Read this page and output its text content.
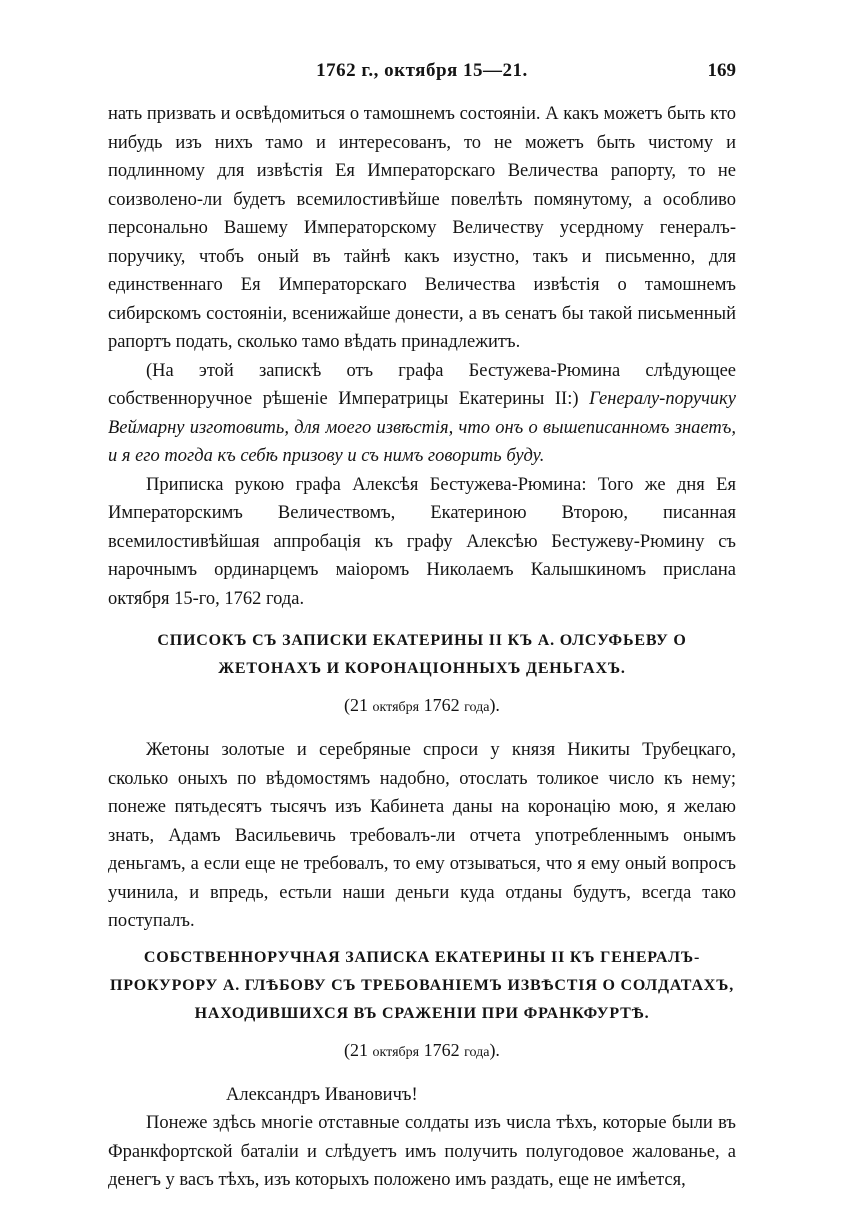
1762 г., октября 15—21.	169

нать призвать и освѣдомиться о тамошнемъ состояніи. А какъ можетъ быть кто нибудь изъ нихъ тамо и интересованъ, то не можетъ быть чистому и подлинному для извѣстія Ея Императорскаго Величества рапорту, то не соизволено-ли будетъ всемилостивѣйше повелѣть помянутому, а особливо персонально Вашему Императорскому Величеству усердному генералъ-поручику, чтобъ оный въ тайнѣ какъ изустно, такъ и письменно, для единственнаго Ея Императорскаго Величества извѣстія о тамошнемъ сибирскомъ состояніи, всенижайше донести, а въ сенатъ бы такой письменный рапортъ подать, сколько тамо вѣдать принадлежитъ.

(На этой запискѣ отъ графа Бестужева-Рюмина слѣдующее собственноручное рѣшеніе Императрицы Екатерины II:) Генералу-поручику Веймарну изготовить, для моего извѣстія, что онъ о вышеписанномъ знаетъ, и я его тогда къ себѣ призову и съ нимъ говорить буду.

Приписка рукою графа Алексѣя Бестужева-Рюмина: Того же дня Ея Императорскимъ Величествомъ, Екатериною Второю, писанная всемилостивѣйшая аппробація къ графу Алексѣю Бестужеву-Рюмину съ нарочнымъ ординарцемъ маіоромъ Николаемъ Калышкиномъ прислана октября 15-го, 1762 года.

СПИСОКЪ СЪ ЗАПИСКИ ЕКАТЕРИНЫ II КЪ А. ОЛСУФЬЕВУ О ЖЕТОНАХЪ И КОРОНАЦІОННЫХЪ ДЕНЬГАХЪ.
(21 октября 1762 года).

Жетоны золотые и серебряные спроси у князя Никиты Трубецкаго, сколько оныхъ по вѣдомостямъ надобно, отослать толикое число къ нему; понеже пятьдесятъ тысячъ изъ Кабинета даны на коронацію мою, я желаю знать, Адамъ Васильевичь требовалъ-ли отчета употребленнымъ онымъ деньгамъ, а если еще не требовалъ, то ему отзываться, что я ему оный вопросъ учинила, и впредь, естьли наши деньги куда отданы будутъ, всегда тако поступалъ.

СОБСТВЕННОРУЧНАЯ ЗАПИСКА ЕКАТЕРИНЫ II КЪ ГЕНЕРАЛЪ-ПРОКУРОРУ А. ГЛѢБОВУ СЪ ТРЕБОВАНІЕМЪ ИЗВѢСТІЯ О СОЛДАТАХЪ, НАХОДИВШИХСЯ ВЪ СРАЖЕНІИ ПРИ ФРАНКФУРТѢ.
(21 октября 1762 года).
Александръ Ивановичъ!

Понеже здѣсь многіе отставные солдаты изъ числа тѣхъ, которые были въ Франкфортской баталіи и слѣдуетъ имъ получить полугодовое жалованье, а денегъ у васъ тѣхъ, изъ которыхъ положено имъ раздать, еще не имѣется,
